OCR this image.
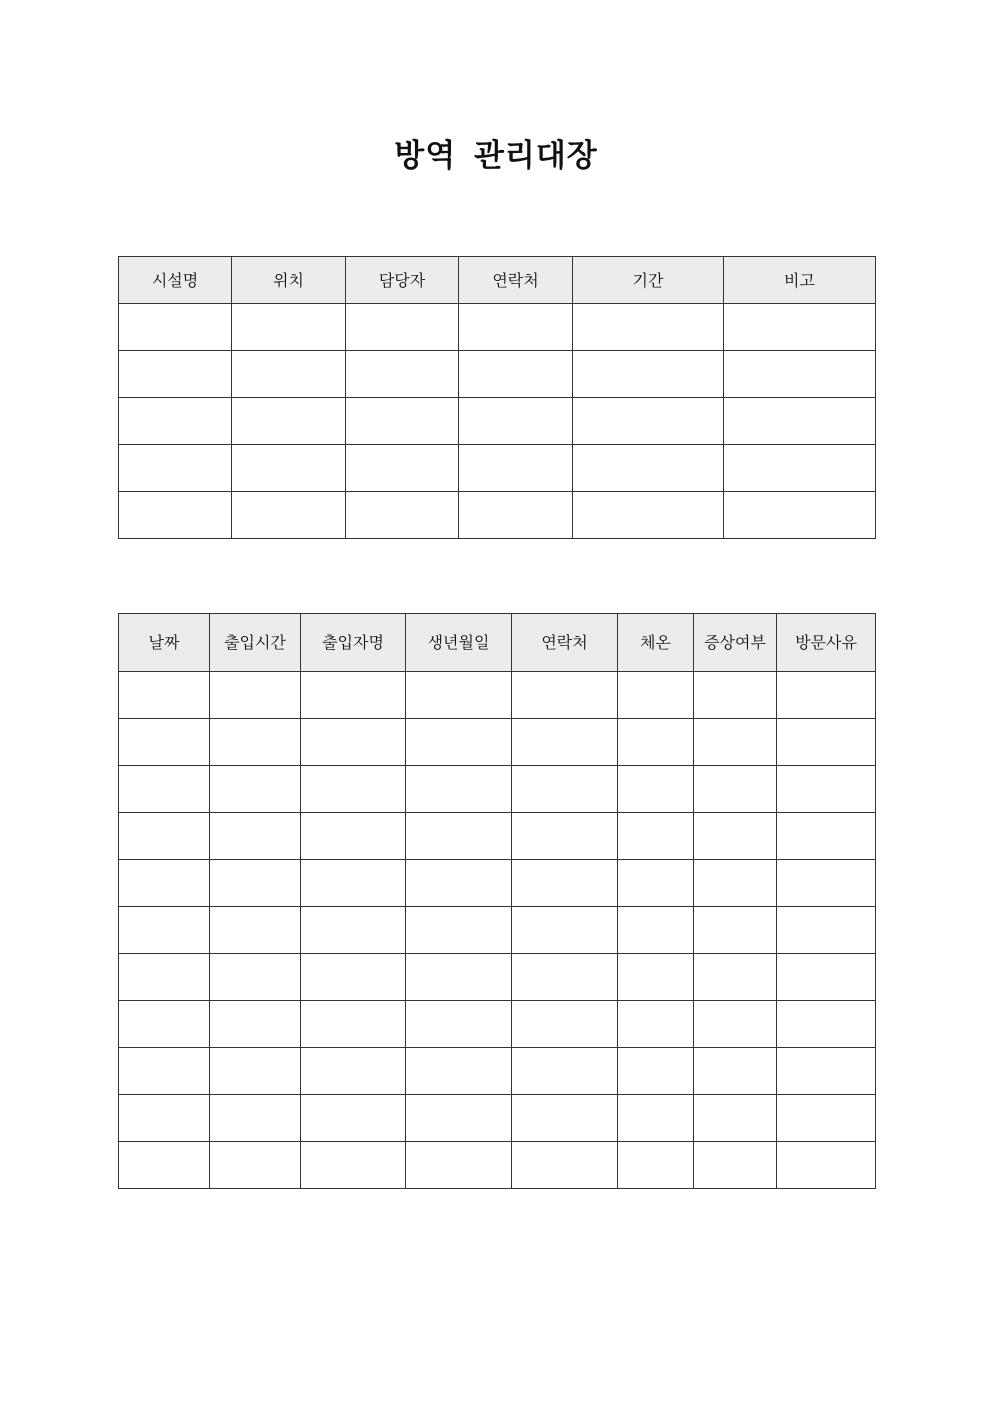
방역 관리대장
시설명	위치	담당자	연락처	기간	비고

날짜	출입시간	출입자명	생년월일	연락처	체온	증상여부	방문사유
